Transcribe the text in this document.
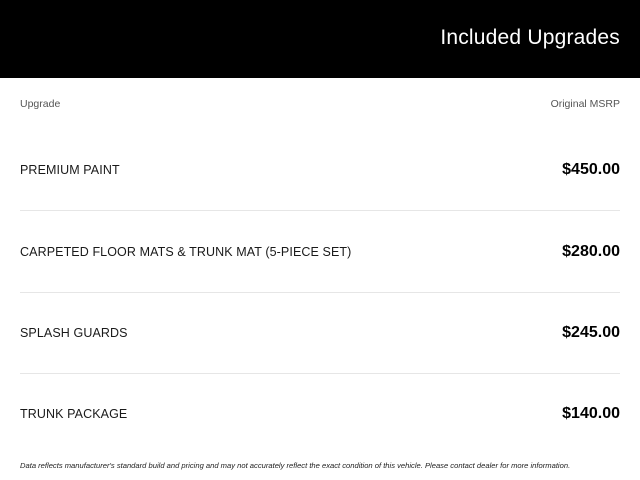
Included Upgrades
Upgrade	Original MSRP
PREMIUM PAINT	$450.00
CARPETED FLOOR MATS & TRUNK MAT (5-PIECE SET)	$280.00
SPLASH GUARDS	$245.00
TRUNK PACKAGE	$140.00
Data reflects manufacturer's standard build and pricing and may not accurately reflect the exact condition of this vehicle. Please contact dealer for more information.
